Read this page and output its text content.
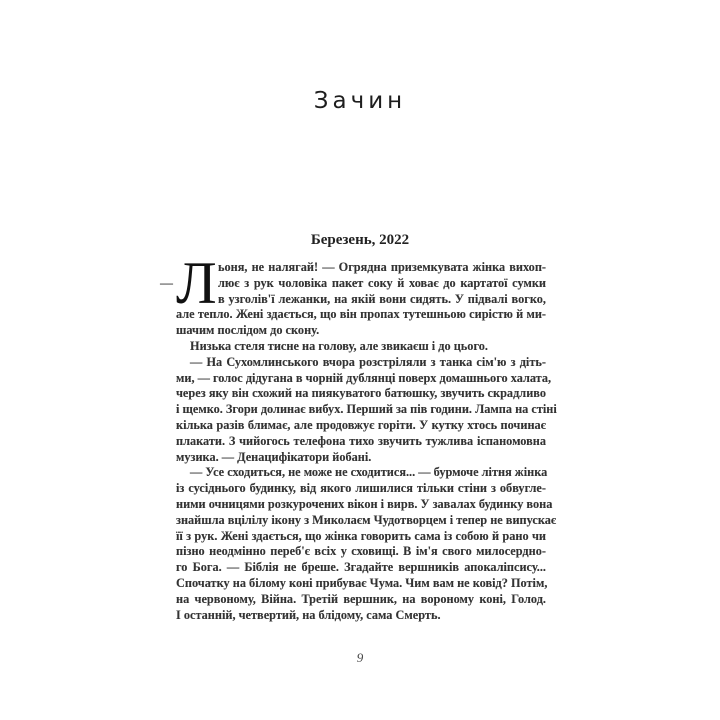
Зачин
Березень, 2022
— Л ьоня, не налягай! — Огрядна приземкувата жінка вихоп-
лює з рук чоловіка пакет соку й ховає до картатої сумки
в узголів'ї лежанки, на якій вони сидять. У підвалі вогко,
але тепло. Жені здається, що він пропах тутешньою сирістю й ми-
шачим послідом до скону.
Низька стеля тисне на голову, але звикаєш і до цього.
— На Сухомлинського вчора розстріляли з танка сім'ю з діть-
ми, — голос дідугана в чорній дублянці поверх домашнього халата,
через яку він схожий на пиякуватого батюшку, звучить скрадливо
і щемко. Згори долинає вибух. Перший за пів години. Лампа на стіні
кілька разів блимає, але продовжує горіти. У кутку хтось починає
плакати. З чийогось телефона тихо звучить тужлива іспаномовна
музика. — Денацифікатори йобані.
— Усе сходиться, не може не сходитися... — бурмоче літня жінка
із сусіднього будинку, від якого лишилися тільки стіни з обвугле-
ними очницями розкурочених вікон і вирв. У завалах будинку вона
знайшла вцілілу ікону з Миколаєм Чудотворцем і тепер не випускає
її з рук. Жені здається, що жінка говорить сама із собою й рано чи
пізно неодмінно переб'є всіх у сховищі. В ім'я свого милосердно-
го Бога. — Біблія не бреше. Згадайте вершників апокаліпсису...
Спочатку на білому коні прибуває Чума. Чим вам не ковід? Потім,
на червоному, Війна. Третій вершник, на вороному коні, Голод.
І останній, четвертий, на блідому, сама Смерть.
9
